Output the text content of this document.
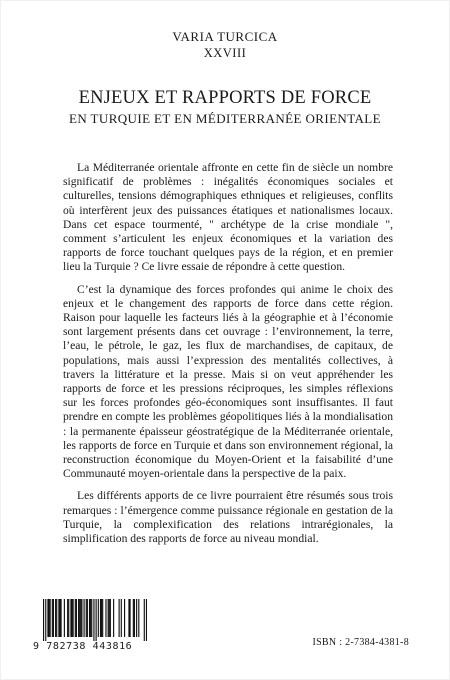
VARIA TURCICA
XXVIII
ENJEUX ET RAPPORTS DE FORCE
EN TURQUIE ET EN MÉDITERRANÉE ORIENTALE

La Méditerranée orientale affronte en cette fin de siècle un nombre significatif de problèmes : inégalités économiques sociales et culturelles, tensions démographiques ethniques et religieuses, conflits où interfèrent jeux des puissances étatiques et nationalismes locaux. Dans cet espace tourmenté, " archétype de la crise mondiale ", comment s’articulent les enjeux économiques et la variation des rapports de force touchant quelques pays de la région, et en premier lieu la Turquie ? Ce livre essaie de répondre à cette question.

C’est la dynamique des forces profondes qui anime le choix des enjeux et le changement des rapports de force dans cette région. Raison pour laquelle les facteurs liés à la géographie et à l’économie sont largement présents dans cet ouvrage : l’environnement, la terre, l’eau, le pétrole, le gaz, les flux de marchandises, de capitaux, de populations, mais aussi l’expression des mentalités collectives, à travers la littérature et la presse. Mais si on veut appréhender les rapports de force et les pressions réciproques, les simples réflexions sur les forces profondes géo-économiques sont insuffisantes. Il faut prendre en compte les problèmes géopolitiques liés à la mondialisation : la permanente épaisseur géostratégique de la Méditerranée orientale, les rapports de force en Turquie et dans son environnement régional, la reconstruction économique du Moyen-Orient et la faisabilité d’une Communauté moyen-orientale dans la perspective de la paix.

Les différents apports de ce livre pourraient être résumés sous trois remarques : l’émergence comme puissance régionale en gestation de la Turquie, la complexification des relations intrarégionales, la simplification des rapports de force au niveau mondial.

9 782738 443816	ISBN : 2-7384-4381-8
